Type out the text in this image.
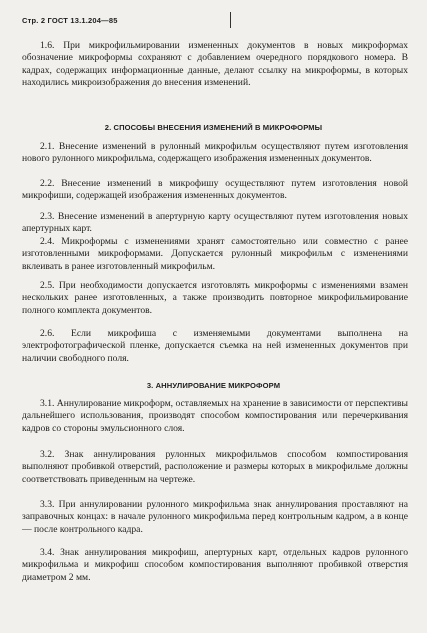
Стр. 2 ГОСТ 13.1.204—85
1.6. При микрофильмировании измененных документов в новых микроформах обозначение микроформы сохраняют с добавлением очередного порядкового номера. В кадрах, содержащих информационные данные, делают ссылку на микроформы, в которых находились микроизображения до внесения изменений.
2. СПОСОБЫ ВНЕСЕНИЯ ИЗМЕНЕНИЙ В МИКРОФОРМЫ
2.1. Внесение изменений в рулонный микрофильм осуществляют путем изготовления нового рулонного микрофильма, содержащего изображения измененных документов.
2.2. Внесение изменений в микрофишу осуществляют путем изготовления новой микрофиши, содержащей изображения измененных документов.
2.3. Внесение изменений в апертурную карту осуществляют путем изготовления новых апертурных карт.
2.4. Микроформы с изменениями хранят самостоятельно или совместно с ранее изготовленными микроформами. Допускается рулонный микрофильм с изменениями вклеивать в ранее изготовленный микрофильм.
2.5. При необходимости допускается изготовлять микроформы с изменениями взамен нескольких ранее изготовленных, а также производить повторное микрофильмирование полного комплекта документов.
2.6. Если микрофиша с изменяемыми документами выполнена на электрофотографической пленке, допускается съемка на ней измененных документов при наличии свободного поля.
3. АННУЛИРОВАНИЕ МИКРОФОРМ
3.1. Аннулирование микроформ, оставляемых на хранение в зависимости от перспективы дальнейшего использования, производят способом компостирования или перечеркивания кадров со стороны эмульсионного слоя.
3.2. Знак аннулирования рулонных микрофильмов способом компостирования выполняют пробивкой отверстий, расположение и размеры которых в микрофильме должны соответствовать приведенным на чертеже.
3.3. При аннулировании рулонного микрофильма знак аннулирования проставляют на заправочных концах: в начале рулонного микрофильма перед контрольным кадром, а в конце — после контрольного кадра.
3.4. Знак аннулирования микрофиш, апертурных карт, отдельных кадров рулонного микрофильма и микрофиш способом компостирования выполняют пробивкой отверстия диаметром 2 мм.
